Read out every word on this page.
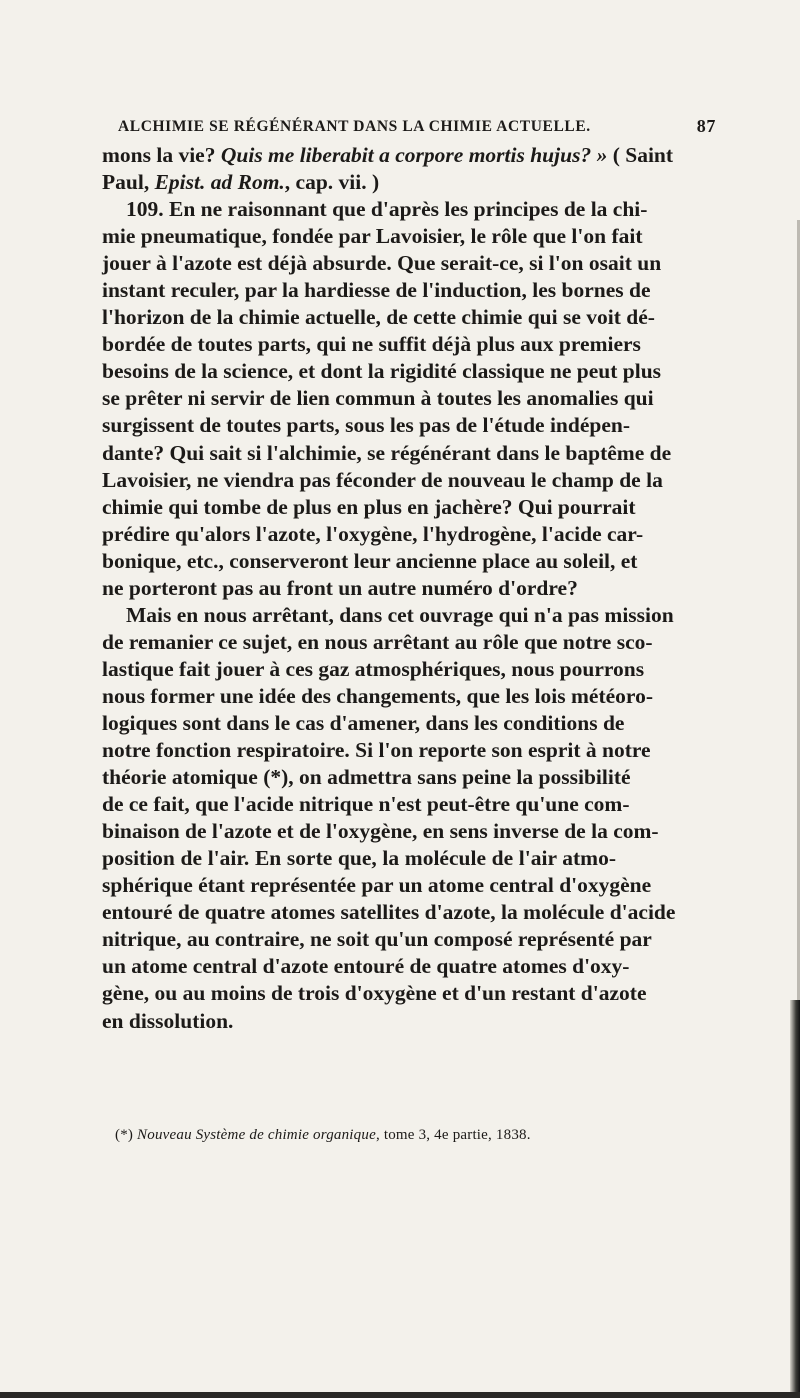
ALCHIMIE SE RÉGÉNÉRANT DANS LA CHIMIE ACTUELLE.	87
mons la vie? Quis me liberabit a corpore mortis hujus? » ( Saint
Paul, Epist. ad Rom., cap. vii. )
109. En ne raisonnant que d'après les principes de la chi-
mie pneumatique, fondée par Lavoisier, le rôle que l'on fait
jouer à l'azote est déjà absurde. Que serait-ce, si l'on osait un
instant reculer, par la hardiesse de l'induction, les bornes de
l'horizon de la chimie actuelle, de cette chimie qui se voit dé-
bordée de toutes parts, qui ne suffit déjà plus aux premiers
besoins de la science, et dont la rigidité classique ne peut plus
se prêter ni servir de lien commun à toutes les anomalies qui
surgissent de toutes parts, sous les pas de l'étude indépen-
dante? Qui sait si l'alchimie, se régénérant dans le baptême de
Lavoisier, ne viendra pas féconder de nouveau le champ de la
chimie qui tombe de plus en plus en jachère? Qui pourrait
prédire qu'alors l'azote, l'oxygène, l'hydrogène, l'acide car-
bonique, etc., conserveront leur ancienne place au soleil, et
ne porteront pas au front un autre numéro d'ordre?
Mais en nous arrêtant, dans cet ouvrage qui n'a pas mission
de remanier ce sujet, en nous arrêtant au rôle que notre sco-
lastique fait jouer à ces gaz atmosphériques, nous pourrons
nous former une idée des changements, que les lois météoro-
logiques sont dans le cas d'amener, dans les conditions de
notre fonction respiratoire. Si l'on reporte son esprit à notre
théorie atomique (*), on admettra sans peine la possibilité
de ce fait, que l'acide nitrique n'est peut-être qu'une com-
binaison de l'azote et de l'oxygène, en sens inverse de la com-
position de l'air. En sorte que, la molécule de l'air atmo-
sphérique étant représentée par un atome central d'oxygène
entouré de quatre atomes satellites d'azote, la molécule d'acide
nitrique, au contraire, ne soit qu'un composé représenté par
un atome central d'azote entouré de quatre atomes d'oxy-
gène, ou au moins de trois d'oxygène et d'un restant d'azote
en dissolution.
(*) Nouveau Système de chimie organique, tome 3, 4e partie, 1838.
